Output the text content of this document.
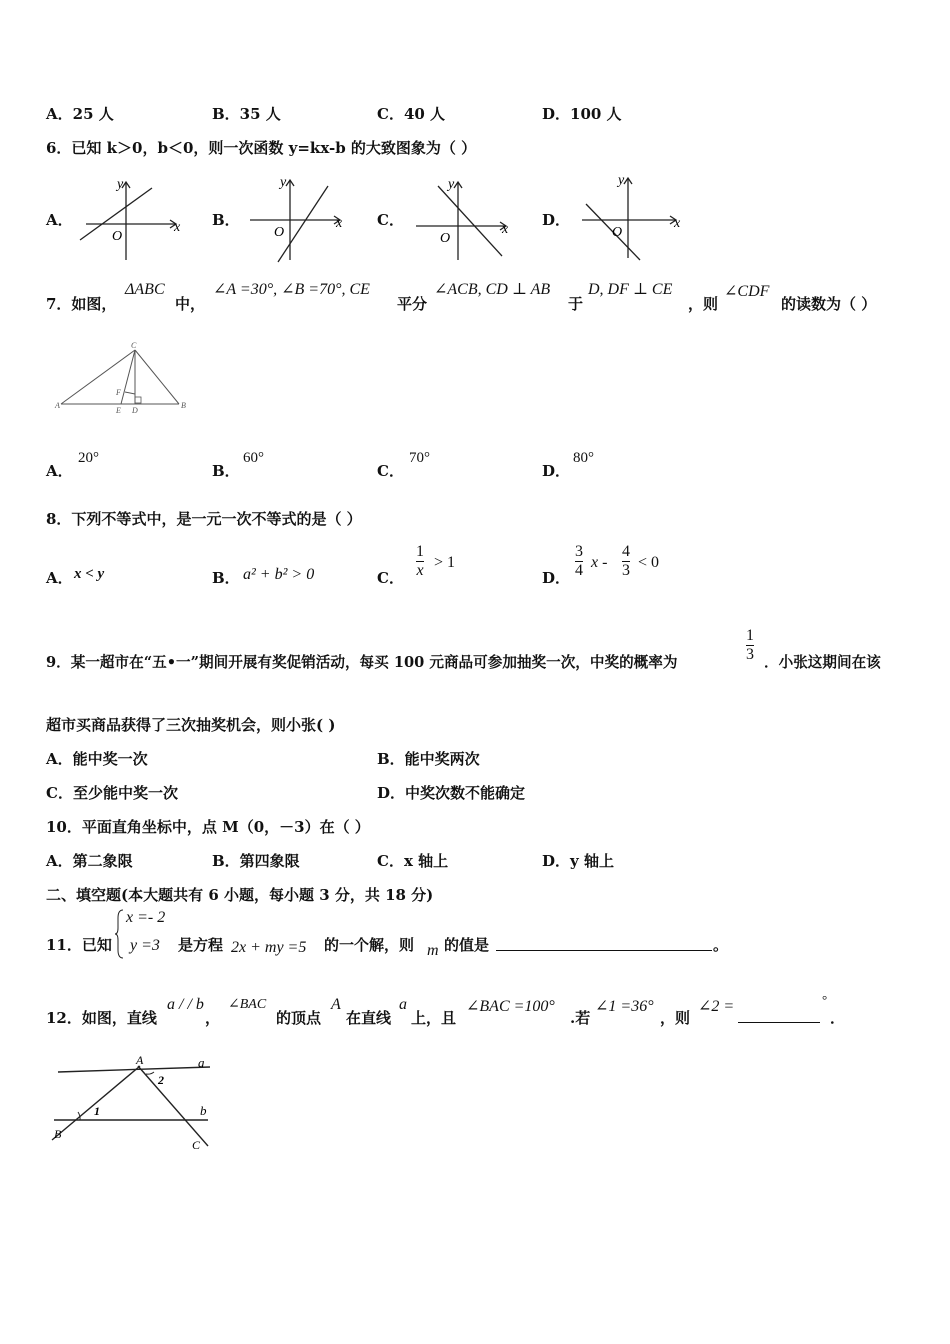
A．25 人	B．35 人	C．40 人	D．100 人
6．已知 k＞0，b＜0，则一次函数 y=kx-b 的大致图象为（ ）
A．	x
y
O
B．	x
y
O
C．
x
y
O
D．	x
y
O
7．如图，
ΔABC
中，
∠A =30°, ∠B =70°, CE
平分
∠ACB, CD ⊥ AB
于
D, DF ⊥ CE
，则
∠CDF
的读数为（ ）
A	B
C
D
E
F
A．
20°
B．
60°
C．
70°
D．
80°
8．下列不等式中，是一元一次不等式的是（ ）
A． x < y	B． a² + b² > 0	C．
1
x > 1
D．
3
4 x -
4
3 < 0
9．某一超市在“五•一”期间开展有奖促销活动，每买 100 元商品可参加抽奖一次，中奖的概率为
1
3 ．小张这期间在该
超市买商品获得了三次抽奖机会，则小张( )
A．能中奖一次	B．能中奖两次
C．至少能中奖一次	D．中奖次数不能确定
10．平面直角坐标中，点 M（0，－3）在（ ）
A．第二象限	B．第四象限	C．x 轴上	D．y 轴上
二、填空题(本大题共有 6 小题，每小题 3 分，共 18 分)
11．已知
x =- 2
y =3 是方程 2x + my =5 的一个解，则 m 的值是	。
12．如图，直线
a / / b
，
∠BAC
的顶点
A
在直线
a
上，且
∠BAC =100°
.若
∠1 =36°
，则
∠2 =	°
．
a
b
A
B
C
1
2
